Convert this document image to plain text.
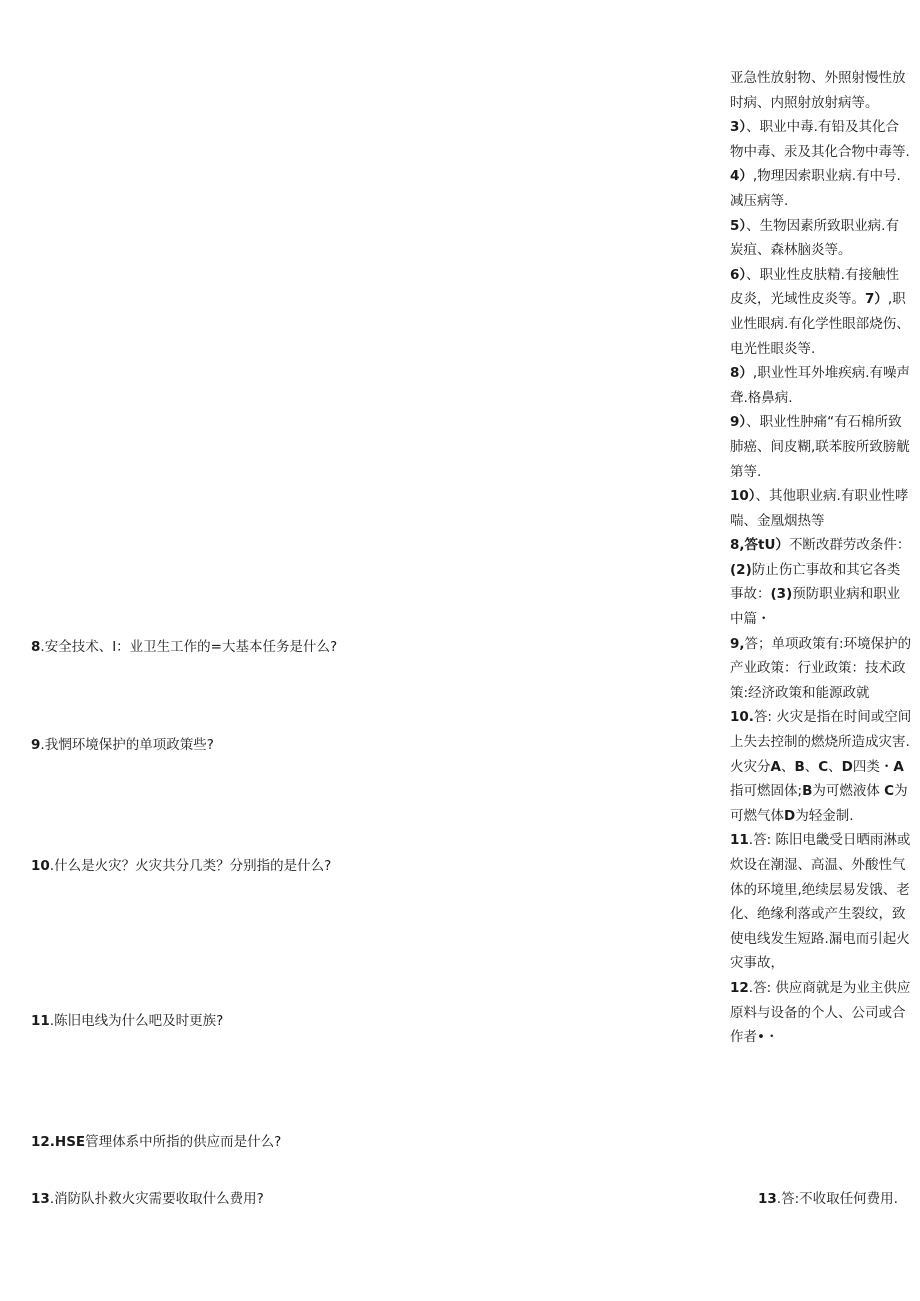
8.安全技术、I：业卫生工作的=大基本任务是什么?
9.我惘环境保护的单项政策些?
10.什么是火灾？火灾共分几类？分别指的是什么?
11.陈旧电线为什么吧及时更族?
12.HSE管理体系中所指的供应而是什么?
13.消防队扑救火灾需要收取什么费用?

亚急性放射物、外照射慢性放时病、内照射放射病等。

3）、职业中毒.有铅及其化合物中毒、汞及其化合物中毒等.

4）,物理因索职业病.有中号.减压病等.

5）、生物因素所致职业病.有炭疽、森林脑炎等。

6）、职业性皮肤精.有接触性皮炎，光域性皮炎等。7）,职业性眼病.有化学性眼部烧伤、电光性眼炎等.

8）,职业性耳外堆疾病.有噪声聋.格鼻病.

9）、职业性肿痛“有石棉所致肺癌、间皮糊,联苯胺所致膀觥第等.

10）、其他职业病.有职业性哮喘、金凰烟热等

8,答tU）不断改群劳改条件：
(2)防止伤亡事故和其它各类事故：(3)预防职业病和职业中篇・

9,答；单项政策有:环境保护的产业政策：行业政策：技术政策:经济政策和能源政就

10.答: 火灾是指在时间或空间上失去控制的燃烧所造成灾害.火灾分A、B、C、D四类・A指可燃固体;B为可燃液体 C为可燃气体D为轻金制.

11.答: 陈旧电畿受日晒雨淋或炊设在潮湿、高温、外酸性气体的环境里,绝续层易发饿、老化、绝缘利落或产生裂纹，致使电线发生短路.漏电而引起火灾事故，

12.答: 供应商就是为业主供应原料与设备的个人、公司或合作者•・

13.答:不收取任何费用.
